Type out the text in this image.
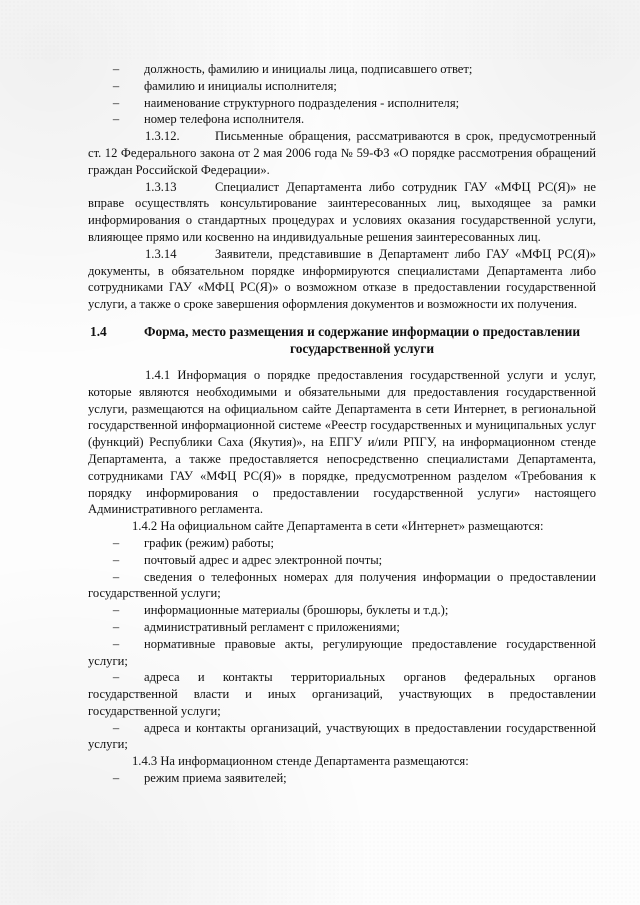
–	должность, фамилию и инициалы лица, подписавшего ответ;
–	фамилию и инициалы исполнителя;
–	наименование структурного подразделения - исполнителя;
–	номер телефона исполнителя.

1.3.12.	Письменные обращения, рассматриваются в срок, предусмотренный ст. 12 Федерального закона от 2 мая 2006 года № 59-ФЗ «О порядке рассмотрения обращений граждан Российской Федерации».

1.3.13	Специалист Департамента либо сотрудник ГАУ «МФЦ РС(Я)» не вправе осуществлять консультирование заинтересованных лиц, выходящее за рамки информирования о стандартных процедурах и условиях оказания государственной услуги, влияющее прямо или косвенно на индивидуальные решения заинтересованных лиц.

1.3.14	Заявители, представившие в Департамент либо ГАУ «МФЦ РС(Я)» документы, в обязательном порядке информируются специалистами Департамента либо сотрудниками ГАУ «МФЦ РС(Я)» о возможном отказе в предоставлении государственной услуги, а также о сроке завершения оформления документов и возможности их получения.

1.4	Форма, место размещения и содержание информации о предоставлении государственной услуги

1.4.1 Информация о порядке предоставления государственной услуги и услуг, которые являются необходимыми и обязательными для предоставления государственной услуги, размещаются на официальном сайте Департамента в сети Интернет, в региональной государственной информационной системе «Реестр государственных и муниципальных услуг (функций) Республики Саха (Якутия)», на ЕПГУ и/или РПГУ, на информационном стенде Департамента, а также предоставляется непосредственно специалистами Департамента, сотрудниками ГАУ «МФЦ РС(Я)» в порядке, предусмотренном разделом «Требования к порядку информирования о предоставлении государственной услуги» настоящего Административного регламента.

1.4.2 На официальном сайте Департамента в сети «Интернет» размещаются:

–	график (режим) работы;
–	почтовый адрес и адрес электронной почты;

– сведения о телефонных номерах для получения информации о предоставлении государственной услуги;

–	информационные материалы (брошюры, буклеты и т.д.);
–	административный регламент с приложениями;

– нормативные правовые акты, регулирующие предоставление государственной услуги;

– адреса и контакты территориальных органов федеральных органов государственной власти и иных организаций, участвующих в предоставлении государственной услуги;

– адреса и контакты организаций, участвующих в предоставлении государственной услуги;

1.4.3 На информационном стенде Департамента размещаются:

–	режим приема заявителей;
